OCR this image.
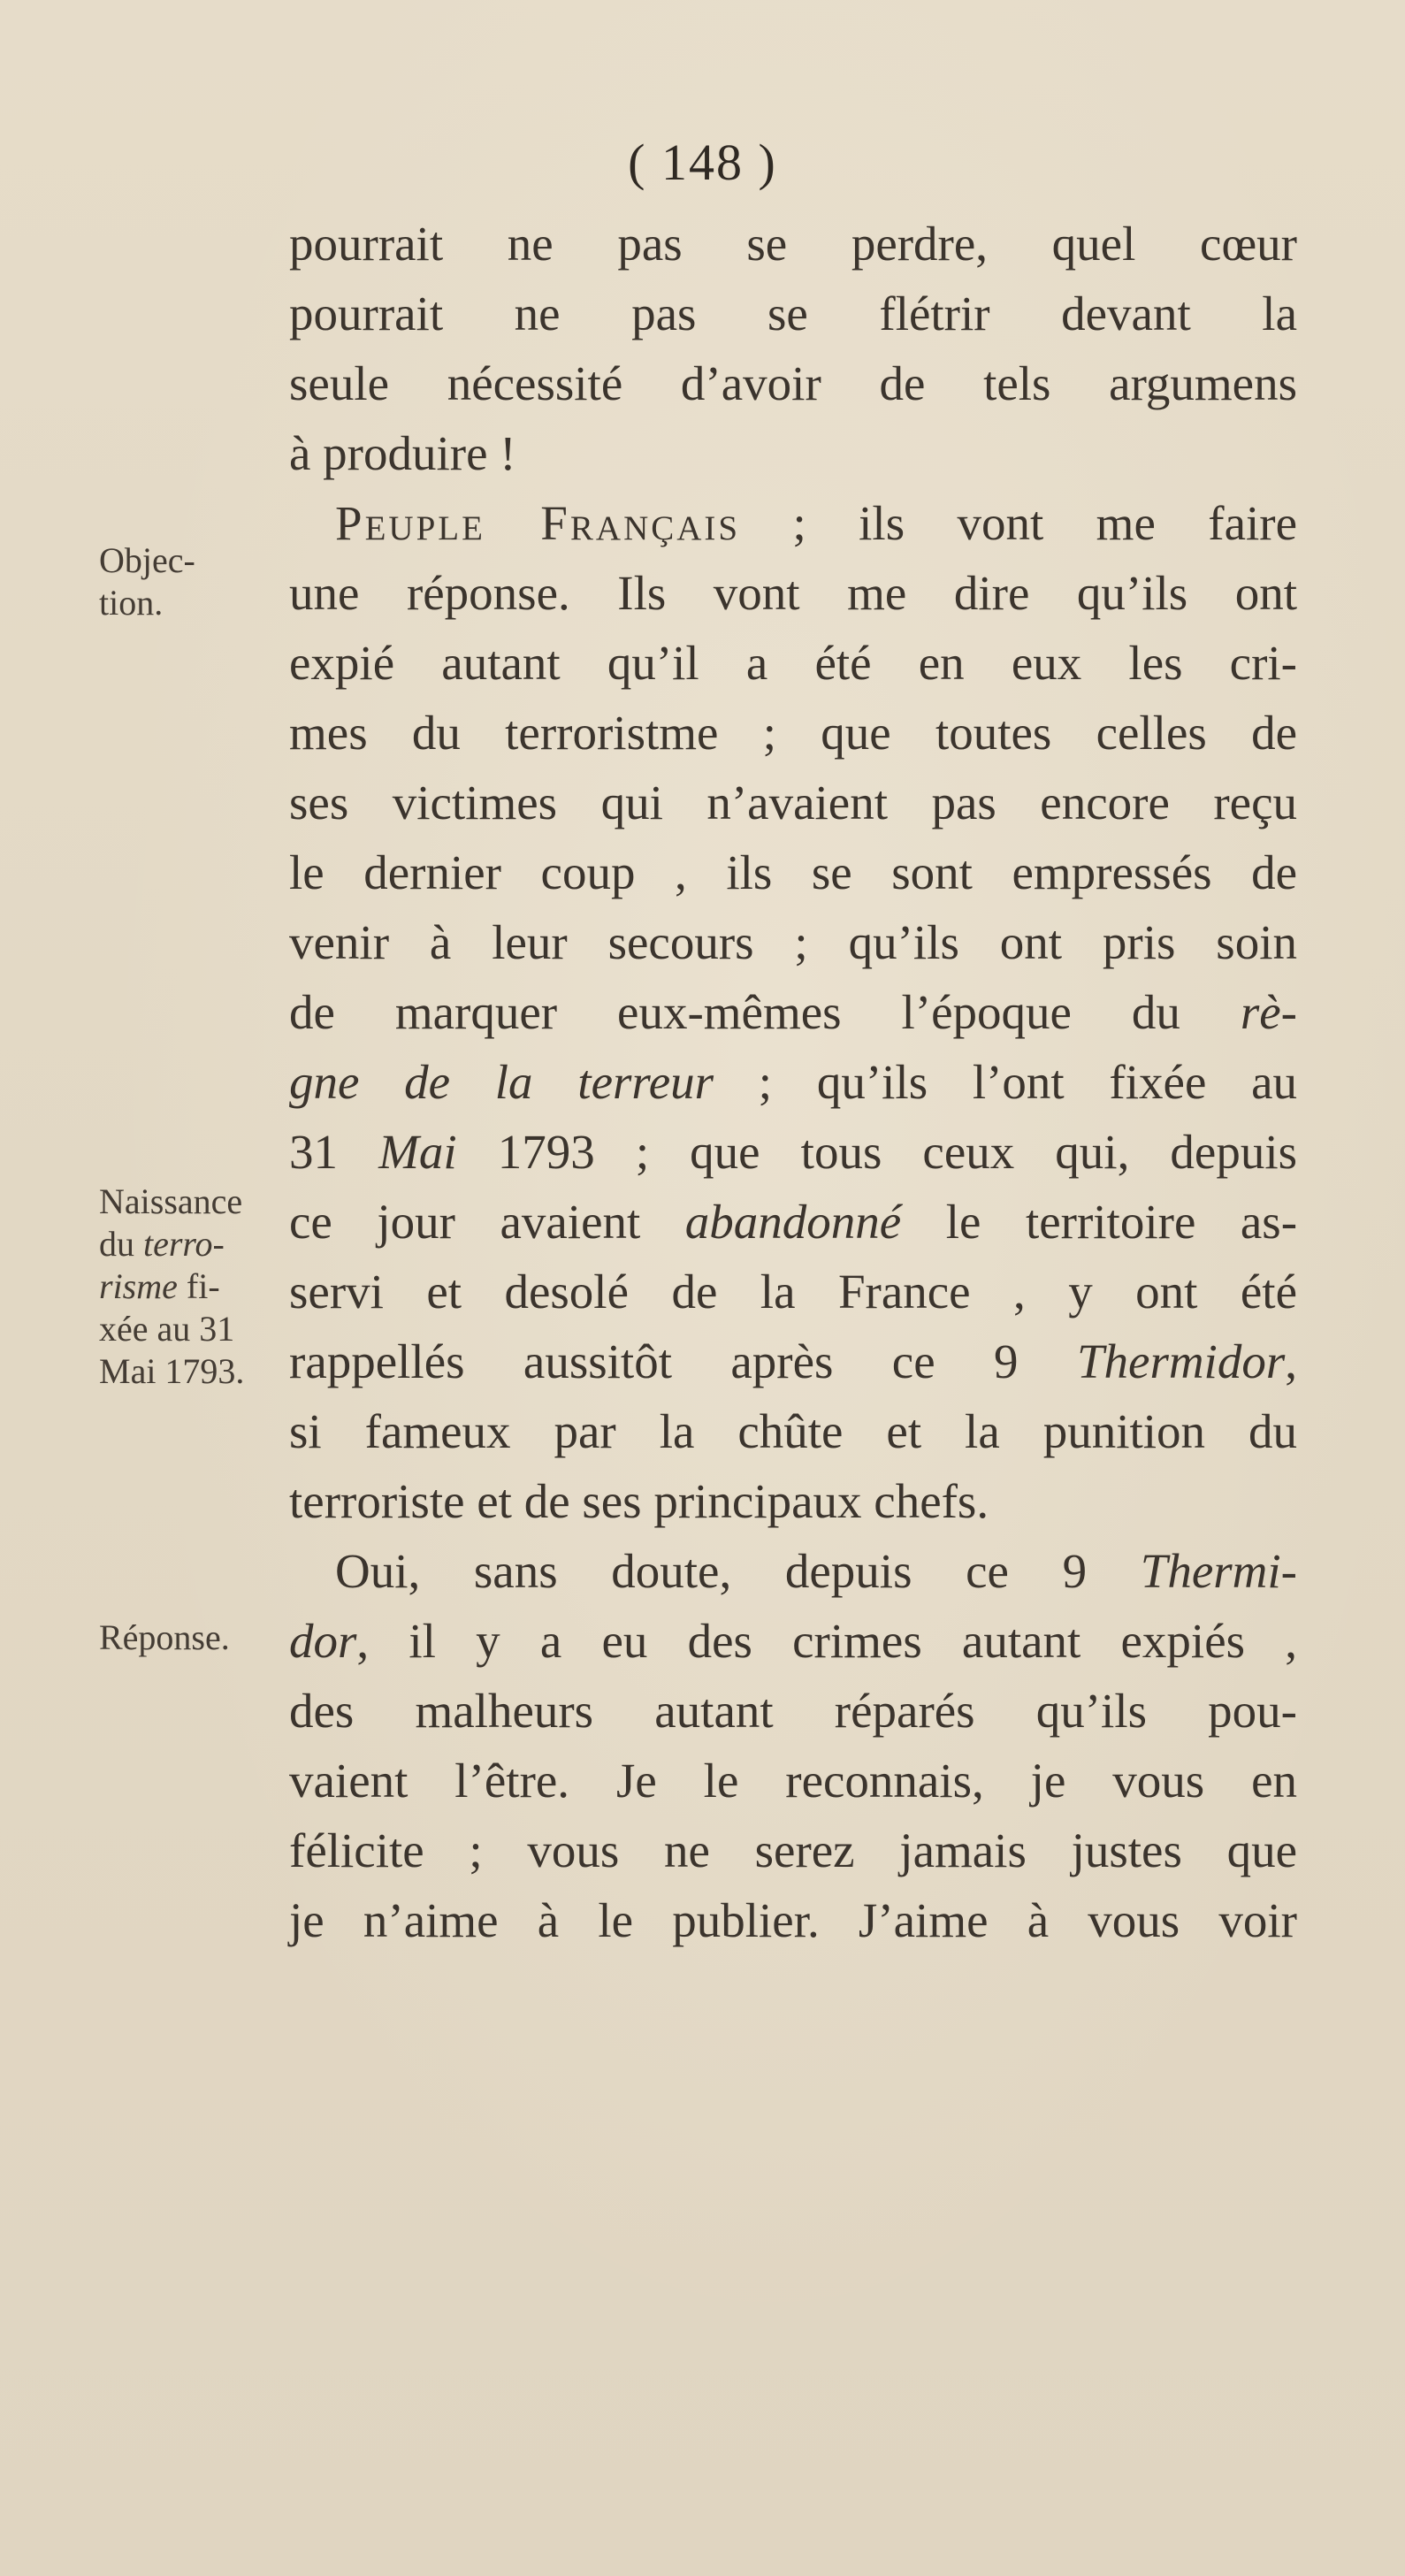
( 148 )
pourrait ne pas se perdre, quel cœur
pourrait ne pas se flétrir devant la
seule nécessité d’avoir de tels argumens
à produire !
Peuple Français ; ils vont me faire
une réponse. Ils vont me dire qu’ils ont
expié autant qu’il a été en eux les cri-
mes du terroristme ; que toutes celles de
ses victimes qui n’avaient pas encore reçu
le dernier coup , ils se sont empressés de
venir à leur secours ; qu’ils ont pris soin
de marquer eux-mêmes l’époque du rè-
gne de la terreur ; qu’ils l’ont fixée au
31 Mai 1793 ; que tous ceux qui, depuis
ce jour avaient abandonné le territoire as-
servi et desolé de la France , y ont été
rappellés aussitôt après ce 9 Thermidor,
si fameux par la chûte et la punition du
terroriste et de ses principaux chefs.
Oui, sans doute, depuis ce 9 Thermi-
dor, il y a eu des crimes autant expiés ,
des malheurs autant réparés qu’ils pou-
vaient l’être. Je le reconnais, je vous en
félicite ; vous ne serez jamais justes que
je n’aime à le publier. J’aime à vous voir
Objec-
tion.
Naissance
du terro-
risme fi-
xée au 31
Mai 1793.
Réponse.
